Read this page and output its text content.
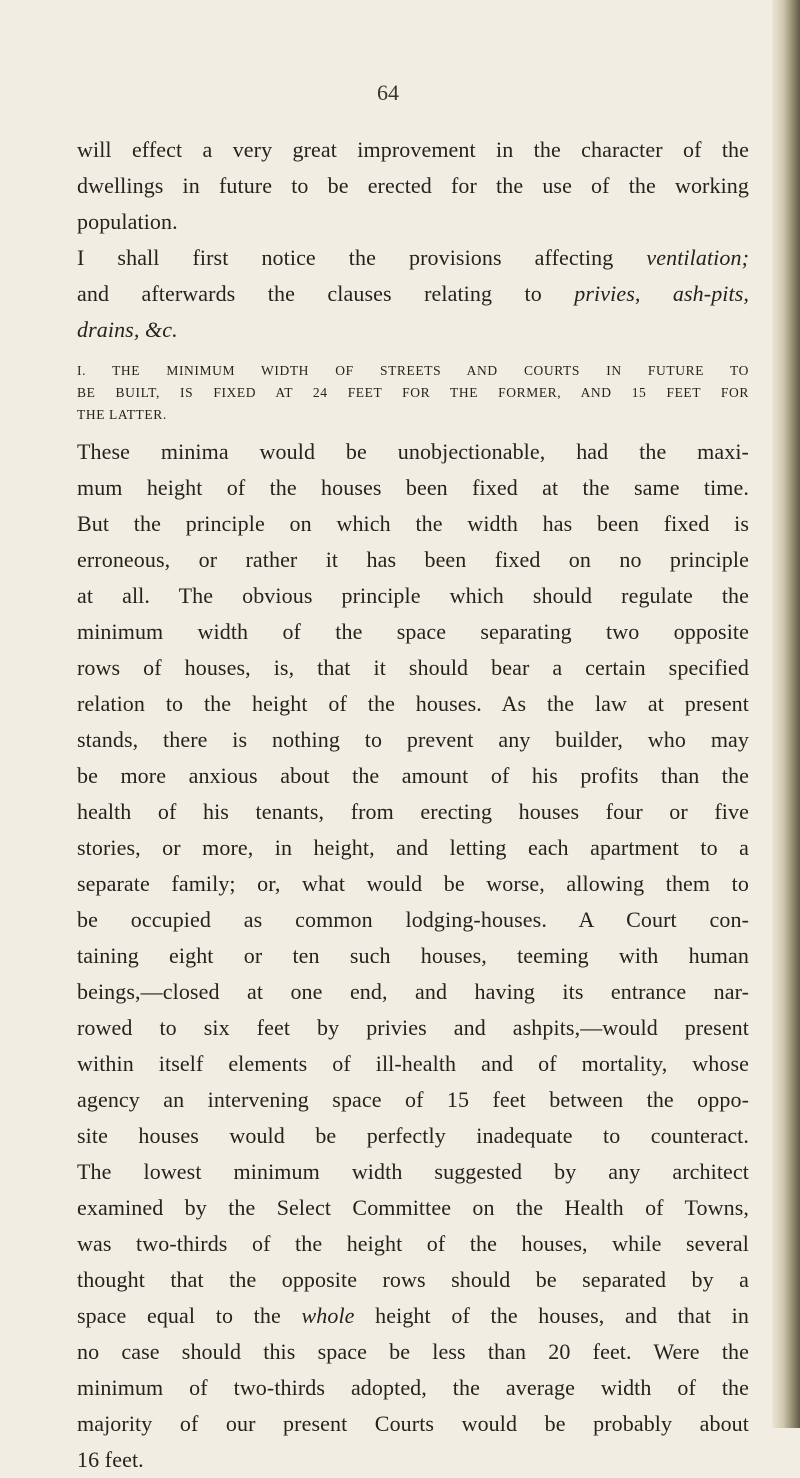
64
will effect a very great improvement in the character of the
dwellings in future to be erected for the use of the working
population.
I shall first notice the provisions affecting ventilation;
and afterwards the clauses relating to privies, ash-pits,
drains, &c.
I. THE MINIMUM WIDTH OF STREETS AND COURTS IN FUTURE TO
BE BUILT, IS FIXED AT 24 FEET FOR THE FORMER, AND 15 FEET FOR
THE LATTER.
These minima would be unobjectionable, had the maxi-
mum height of the houses been fixed at the same time.
But the principle on which the width has been fixed is
erroneous, or rather it has been fixed on no principle
at all. The obvious principle which should regulate the
minimum width of the space separating two opposite
rows of houses, is, that it should bear a certain specified
relation to the height of the houses. As the law at present
stands, there is nothing to prevent any builder, who may
be more anxious about the amount of his profits than the
health of his tenants, from erecting houses four or five
stories, or more, in height, and letting each apartment to a
separate family; or, what would be worse, allowing them to
be occupied as common lodging-houses. A Court con-
taining eight or ten such houses, teeming with human
beings,—closed at one end, and having its entrance nar-
rowed to six feet by privies and ashpits,—would present
within itself elements of ill-health and of mortality, whose
agency an intervening space of 15 feet between the oppo-
site houses would be perfectly inadequate to counteract.
The lowest minimum width suggested by any architect
examined by the Select Committee on the Health of Towns,
was two-thirds of the height of the houses, while several
thought that the opposite rows should be separated by a
space equal to the whole height of the houses, and that in
no case should this space be less than 20 feet. Were the
minimum of two-thirds adopted, the average width of the
majority of our present Courts would be probably about
16 feet.
